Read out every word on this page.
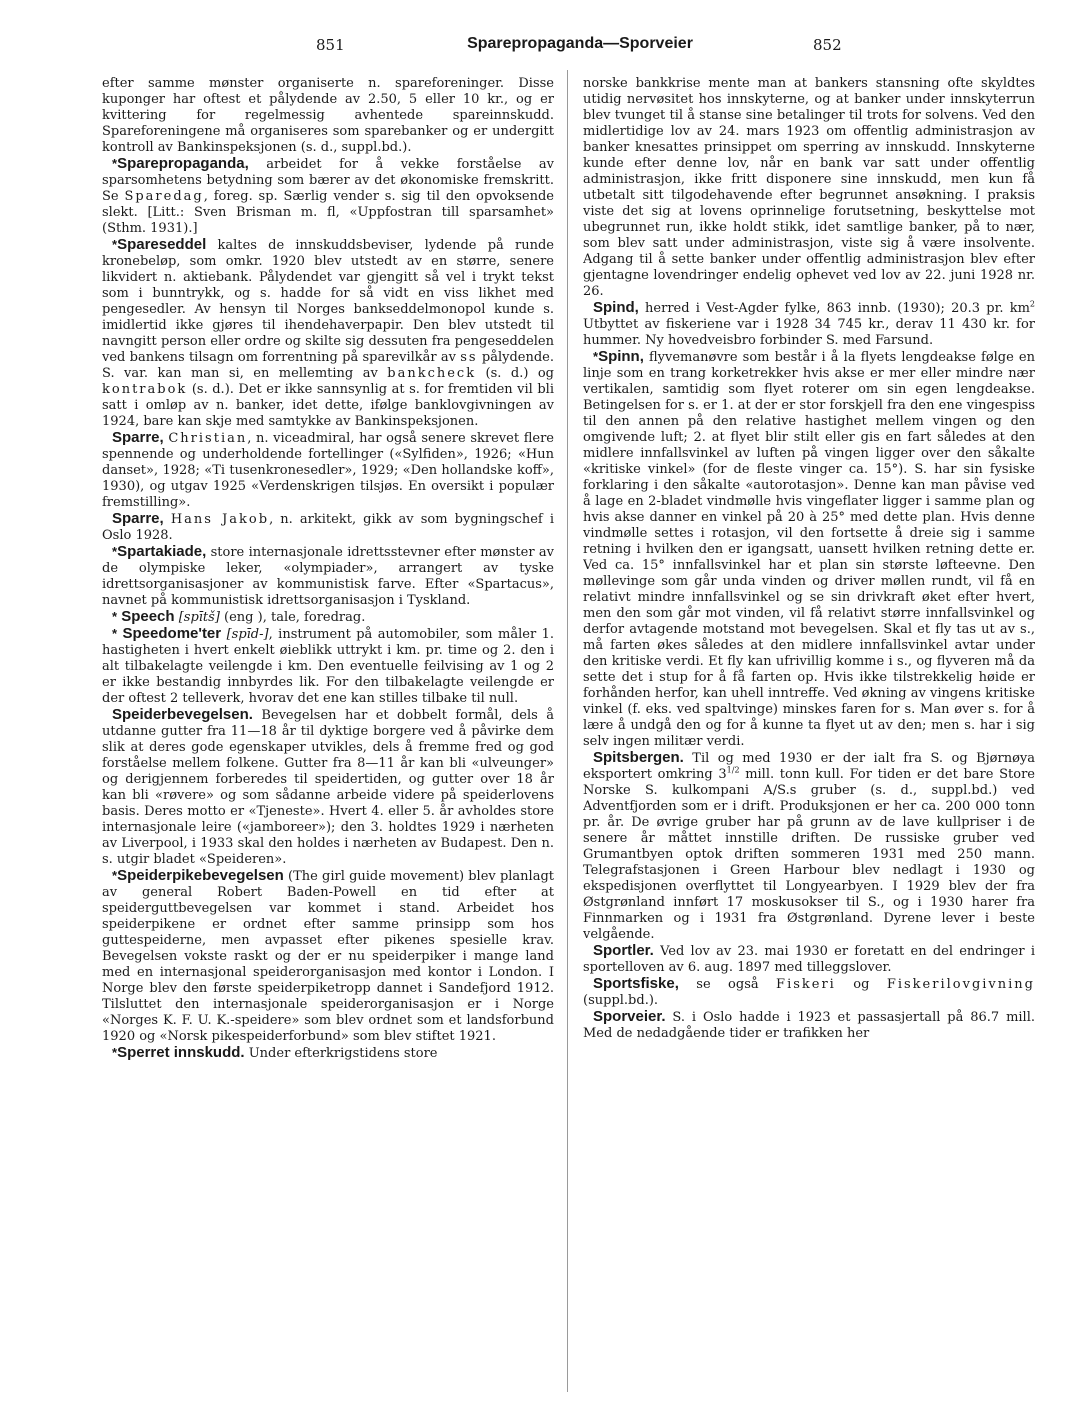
851	Sparepropaganda—Sporveier	852

efter samme mønster organiserte n. spareforeninger. Disse kuponger har oftest et pålydende av 2.50, 5 eller 10 kr., og er kvittering for regelmessig avhentede spareinnskudd. Spareforeningene må organiseres som sparebanker og er undergitt kontroll av Bankinspeksjonen (s. d., suppl.bd.).

*Sparepropaganda, arbeidet for å vekke forståelse av sparsomhetens betydning som bærer av det økonomiske fremskritt. Se Sparedag, foreg. sp. Særlig vender s. sig til den opvoksende slekt. [Litt.: Sven Brisman m. fl, «Uppfostran till sparsamhet» (Sthm. 1931).]

*Spareseddel kaltes de innskuddsbeviser, lydende på runde kronebeløp, som omkr. 1920 blev utstedt av en større, senere likvidert n. aktiebank. Pålydendet var gjengitt så vel i trykt tekst som i bunntrykk, og s. hadde for så vidt en viss likhet med pengesedler. Av hensyn til Norges bankseddelmonopol kunde s. imidlertid ikke gjøres til ihendehaverpapir. Den blev utstedt til navngitt person eller ordre og skilte sig dessuten fra pengeseddelen ved bankens tilsagn om forrentning på sparevilkår av ss pålydende. S. var. kan man si, en mellemting av bankcheck (s. d.) og kontrabok (s. d.). Det er ikke sannsynlig at s. for fremtiden vil bli satt i omløp av n. banker, idet dette, ifølge banklovgivningen av 1924, bare kan skje med samtykke av Bankinspeksjonen.

Sparre, Christian, n. viceadmiral, har også senere skrevet flere spennende og underholdende fortellinger («Sylfiden», 1926; «Hun danset», 1928; «Ti tusenkronesedler», 1929; «Den hollandske koff», 1930), og utgav 1925 «Verdenskrigen tilsjøs. En oversikt i populær fremstilling».

Sparre, Hans Jakob, n. arkitekt, gikk av som bygningschef i Oslo 1928.

*Spartakiade, store internasjonale idrettsstevner efter mønster av de olympiske leker, «olympiader», arrangert av tyske idrettsorganisasjoner av kommunistisk farve. Efter «Spartacus», navnet på kommunistisk idrettsorganisasjon i Tyskland.

* Speech [spītš] (eng ), tale, foredrag.

* Speedome'ter [spīd-], instrument på automobiler, som måler 1. hastigheten i hvert enkelt øieblikk uttrykt i km. pr. time og 2. den i alt tilbakelagte veilengde i km. Den eventuelle feilvising av 1 og 2 er ikke bestandig innbyrdes lik. For den tilbakelagte veilengde er der oftest 2 telleverk, hvorav det ene kan stilles tilbake til null.

Speiderbevegelsen. Bevegelsen har et dobbelt formål, dels å utdanne gutter fra 11—18 år til dyktige borgere ved å påvirke dem slik at deres gode egenskaper utvikles, dels å fremme fred og god forståelse mellem folkene. Gutter fra 8—11 år kan bli «ulveunger» og derigjennem forberedes til speidertiden, og gutter over 18 år kan bli «røvere» og som sådanne arbeide videre på speiderlovens basis. Deres motto er «Tjeneste». Hvert 4. eller 5. år avholdes store internasjonale leire («jamboreer»); den 3. holdtes 1929 i nærheten av Liverpool, i 1933 skal den holdes i nærheten av Budapest. Den n. s. utgir bladet «Speideren».

*Speiderpikebevegelsen (The girl guide movement) blev planlagt av general Robert Baden-Powell en tid efter at speiderguttbevegelsen var kommet i stand. Arbeidet hos speiderpikene er ordnet efter samme prinsipp som hos guttespeiderne, men avpasset efter pikenes spesielle krav. Bevegelsen vokste raskt og der er nu speiderpiker i mange land med en internasjonal speiderorganisasjon med kontor i London. I Norge blev den første speiderpiketropp dannet i Sandefjord 1912. Tilsluttet den internasjonale speiderorganisasjon er i Norge «Norges K. F. U. K.-speidere» som blev ordnet som et landsforbund 1920 og «Norsk pikespeiderforbund» som blev stiftet 1921.

*Sperret innskudd. Under efterkrigstidens store

norske bankkrise mente man at bankers stansning ofte skyldtes utidig nervøsitet hos innskyterne, og at banker under innskyterrun blev tvunget til å stanse sine betalinger til trots for solvens. Ved den midlertidige lov av 24. mars 1923 om offentlig administrasjon av banker knesattes prinsippet om sperring av innskudd. Innskyterne kunde efter denne lov, når en bank var satt under offentlig administrasjon, ikke fritt disponere sine innskudd, men kun få utbetalt sitt tilgodehavende efter begrunnet ansøkning. I praksis viste det sig at lovens oprinnelige forutsetning, beskyttelse mot ubegrunnet run, ikke holdt stikk, idet samtlige banker, på to nær, som blev satt under administrasjon, viste sig å være insolvente. Adgang til å sette banker under offentlig administrasjon blev efter gjentagne lovendringer endelig ophevet ved lov av 22. juni 1928 nr. 26.

Spind, herred i Vest-Agder fylke, 863 innb. (1930); 20.3 pr. $km^2$ Utbyttet av fiskeriene var i 1928 34 745 kr., derav 11 430 kr. for hummer. Ny hovedveisbro forbinder S. med Farsund.

*Spinn, flyvemanøvre som består i å la flyets lengdeakse følge en linje som en trang korketrekker hvis akse er mer eller mindre nær vertikalen, samtidig som flyet roterer om sin egen lengdeakse. Betingelsen for s. er 1. at der er stor forskjell fra den ene vingespiss til den annen på den relative hastighet mellem vingen og den omgivende luft; 2. at flyet blir stilt eller gis en fart således at den midlere innfallsvinkel av luften på vingen ligger over den såkalte «kritiske vinkel» (for de fleste vinger ca. 15°). S. har sin fysiske forklaring i den såkalte «autorotasjon». Denne kan man påvise ved å lage en 2-bladet vindmølle hvis vingeflater ligger i samme plan og hvis akse danner en vinkel på 20 à 25° med dette plan. Hvis denne vindmølle settes i rotasjon, vil den fortsette å dreie sig i samme retning i hvilken den er igangsatt, uansett hvilken retning dette er. Ved ca. 15° innfallsvinkel har et plan sin største løfteevne. Den møllevinge som går unda vinden og driver møllen rundt, vil få en relativt mindre innfallsvinkel og se sin drivkraft øket efter hvert, men den som går mot vinden, vil få relativt større innfallsvinkel og derfor avtagende motstand mot bevegelsen. Skal et fly tas ut av s., må farten økes således at den midlere innfallsvinkel avtar under den kritiske verdi. Et fly kan ufrivillig komme i s., og flyveren må da sette det i stup for å få farten op. Hvis ikke tilstrekkelig høide er forhånden herfor, kan uhell inntreffe. Ved økning av vingens kritiske vinkel (f. eks. ved spaltvinge) minskes faren for s. Man øver s. for å lære å undgå den og for å kunne ta flyet ut av den; men s. har i sig selv ingen militær verdi.

Spitsbergen. Til og med 1930 er der ialt fra S. og Bjørnøya eksportert omkring $3^{1/2}$ mill. tonn kull. For tiden er det bare Store Norske S. kulkompani A/S.s gruber (s. d., suppl.bd.) ved Adventfjorden som er i drift. Produksjonen er her ca. 200 000 tonn pr. år. De øvrige gruber har på grunn av de lave kullpriser i de senere år måttet innstille driften. De russiske gruber ved Grumantbyen optok driften sommeren 1931 med 250 mann. Telegrafstasjonen i Green Harbour blev nedlagt i 1930 og ekspedisjonen overflyttet til Longyearbyen. I 1929 blev der fra Østgrønland innført 17 moskusokser til S., og i 1930 harer fra Finnmarken og i 1931 fra Østgrønland. Dyrene lever i beste velgående.

Sportler. Ved lov av 23. mai 1930 er foretatt en del endringer i sportelloven av 6. aug. 1897 med tilleggslover.

Sportsfiske, se også Fiskeri og Fiskerilovgivning (suppl.bd.).

Sporveier. S. i Oslo hadde i 1923 et passasjertall på 86.7 mill. Med de nedadgående tider er trafikken her
